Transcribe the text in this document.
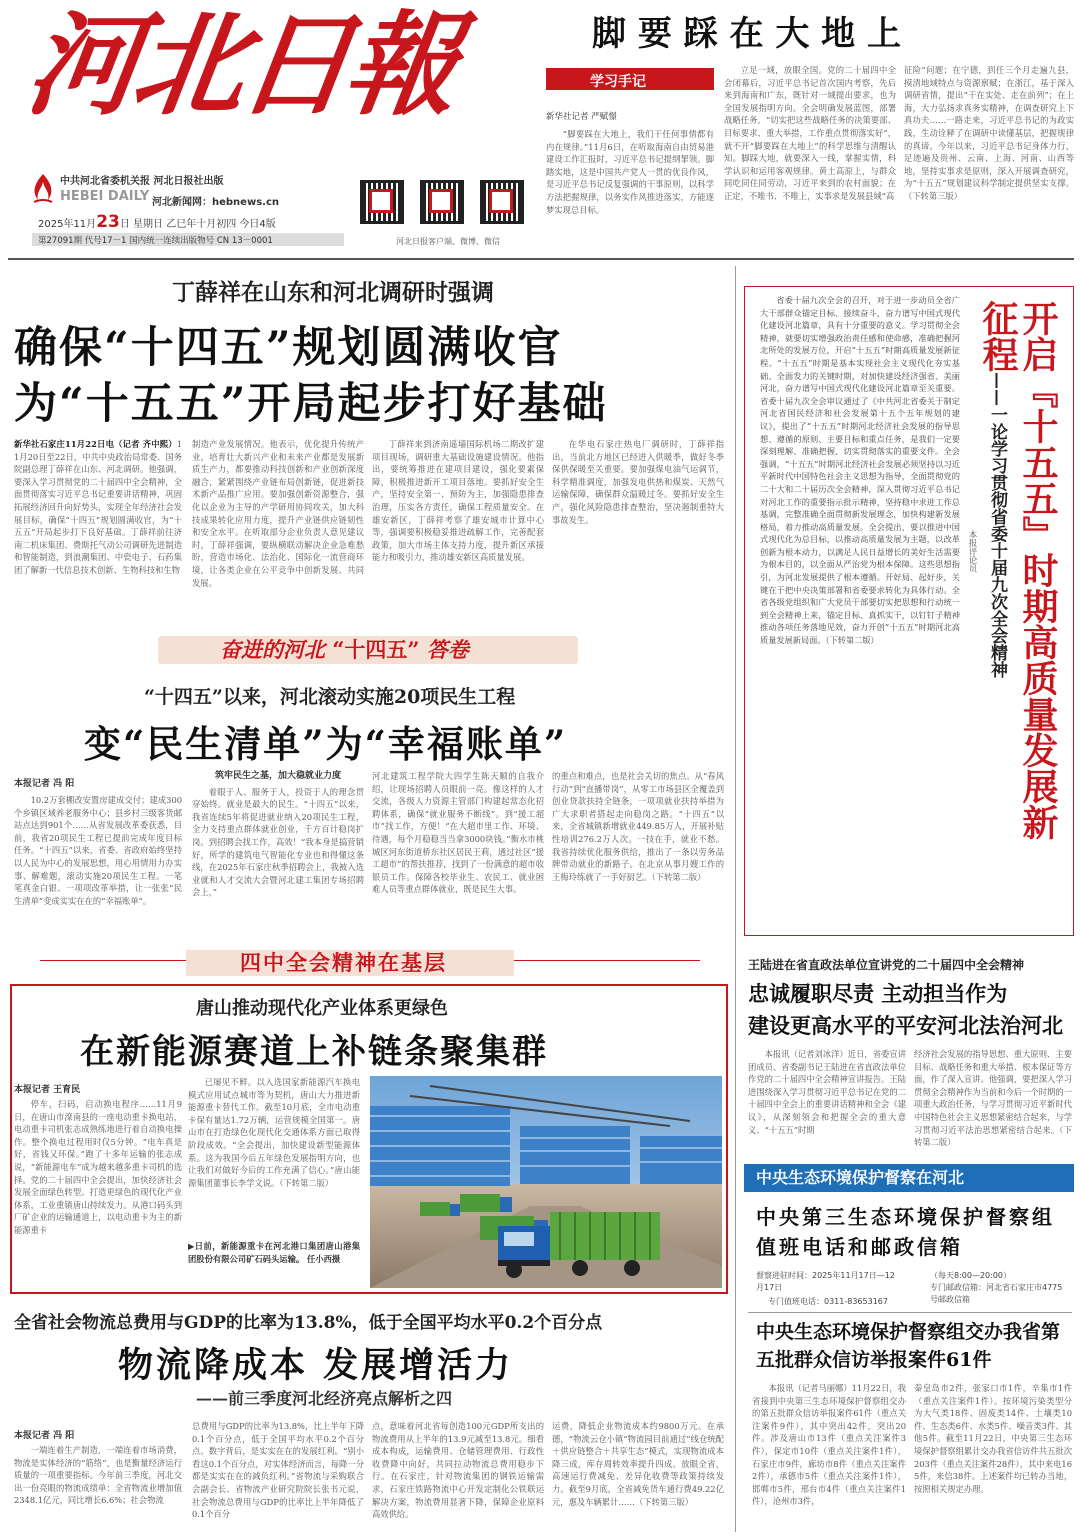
河北日報
中共河北省委机关报 河北日报社出版
HEBEI DAILY 河北新闻网：hebnews.cn
2025年11月23日 星期日 乙巳年十月初四 今日4版
第27091期 代号17－1 国内统一连续出版物号 CN 13－0001	河北日报客户端、微博、微信
脚 要 踩 在 大 地 上
学习手记
新华社记者 严赋憬
“脚要踩在大地上，我们干任何事情都有内在规律。”11月6日，在听取海南自由贸易港建设工作汇报时，习近平总书记提纲挈领。脚踏实地，这是中国共产党人一贯的优良作风，是习近平总书记反复强调的干事原则，以科学方法把握规律，以务实作风推进落实，方能逐梦实现总目标。
立足一域，放眼全国。党的二十届四中全会闭幕后，习近平总书记首次国内考察，先后来到海南和广东，既针对一域提出要求，也为全国发展指明方向。全会明确发展蓝图，部署战略任务。“切实把这些战略任务的决策要部、目标要求、重大举措，工作重点贯彻落实好”，就不开“脚要踩在大地上”的科学思维与清醒认知。脚踩大地，就要深入一线，掌握实情，科学认识和运用客观规律。黄土高原上，与群众同吃同住同劳动，习近平来到的农村面貌；在正定，不唯书、不唯上，实事求是发展县域“高
征险”问题；在宁德，到任三个月走遍九县，摸清地域特点与资源禀赋；在浙江，基于深入调研省情，提出“干在实处、走在前列”；在上海，大力弘扬求真务实精神，在调查研究上下真功夫……一路走来，习近平总书记的为政实践，生动诠释了在调研中读懂基层，把握规律的真谛。今年以来，习近平总书记身体力行，足迹遍及贵州、云南、上海、河南、山西等地，坚持实事求是原则，深入开展调查研究，为“十五五”规划建议科学制定提供坚实支撑。（下转第三版）
丁薛祥在山东和河北调研时强调
确保“十四五”规划圆满收官
为“十五五”开局起步打好基础
新华社石家庄11月22日电（记者 齐中熙）11月20日至22日，中共中央政治局常委、国务院副总理丁薛祥在山东、河北调研。他强调，要深入学习贯彻党的二十届四中全会精神，全面贯彻落实习近平总书记重要讲话精神，巩固拓展经济回升向好势头，实现全年经济社会发展目标，确保“十四五”规划圆满收官，为“十五五”开局起步打下良好基础。丁薛祥前往济南二机床集团、费斯托气动公司调研先进制造和智能制造，到浪潮集团、中瓷电子、石药集团了解新一代信息技术创新、生物科技和生物
制造产业发展情况。他表示，优化提升传统产业，培育壮大新兴产业和未来产业都是发展新质生产力，都要推动科技创新和产业创新深度融合，紧紧围绕产业链布局创新链，促进新技术新产品推广应用。要加强创新资源整合，强化以企业为主导的产学研用协同攻关，加大科技成果转化应用力度，提升产业链供应链韧性和安全水平。在听取部分企业负责人意见建议时，丁薛祥强调，要纵横联动解决企业急难愁盼，营造市场化、法治化、国际化一流营商环境，让各类企业在公平竞争中创新发展、共同发展。
丁薛祥来到济南遥墙国际机场二期改扩建项目现场，调研重大基础设施建设情况。他指出，要统筹推进在建项目建设，强化要素保障，积极推进新开工项目落地。要抓好安全生产，坚持安全第一、预防为主，加强隐患排查治理，压实各方责任，确保工程质量安全。在雄安新区，丁薛祥考察了雄安城市计算中心等，强调要积极稳妥推进疏解工作，完善配套政策，加大市场主体支持力度，提升新区承接能力和吸引力，推动雄安新区高质量发展。
在华电石家庄热电厂调研时，丁薛祥指出，当前北方地区已经进入供暖季，做好冬季保供保暖至关重要。要加强煤电油气运调节，科学精准调度，加强发电供热和煤炭、天然气运输保障，确保群众温暖过冬。要抓好安全生产，强化风险隐患排查整治，坚决遏制重特大事故发生。
奋进的河北 “十四五” 答卷
“十四五”以来，河北滚动实施20项民生工程
变“民生清单”为“幸福账单”
本报记者 冯 阳
10.2万套棚改安置房建成交付；建成300个乡镇区域养老服务中心；县乡村三级客货邮站点达到901个……从省发展改革委获悉，目前，我省20项民生工程已提前完成年度目标任务。“十四五”以来，省委、省政府始终坚持以人民为中心的发展思想，用心用情用力办实事、解难题，滚动实施20项民生工程。一笔笔真金白银、一项项改革举措，让一张张“民生清单”变成实实在在的“幸福账单”。
筑牢民生之基，加大稳就业力度
着眼于人、服务于人，投资于人的理念贯穿始终。就业是最大的民生。“十四五”以来，我省连续5年将促进就业纳入20项民生工程，全力支持重点群体就业创业，千方百计稳岗扩岗。到招聘会找工作，高效！“我本身是搞营销好，所学的建筑电气智能化专业也和得懂这条线，在2025年石家庄秋季招聘会上，我被入选业就和人才交流大会暨河北建工集团专场招聘会上，”
河北建筑工程学院大四学生陈天顺的自我介绍，让现场招聘人员眼前一亮。像这样的人才交流，各级人力资源主管部门构建起常态化招聘体系，确保“就业服务不断线”。到“援工超市”找工作，方便！“在大超市里工作、环境、待遇，每个月稳稳当当拿3000块钱。”衡水市桃城区河东街道桥东社区居民王莉，通过社区“援工超市”的帮扶推荐，找到了一份满意的超市收银员工作。保障各校毕业生、农民工、就业困难人员等重点群体就业，既是民生大事。
的重点和难点，也是社会关切的焦点。从“春风行动”到“直播带岗”，从零工市场县区全覆盖到创业贷款扶持全链条，一项项就业扶持举措为广大求职者搭起走向稳岗之路。“十四五”以来，全省城镇新增就业449.85万人，开展补贴性培训276.2万人次。一技在手，就业不愁。我省持续优化服务供给，推出了一条以劳务品牌带动就业的新路子。在北京从事月嫂工作的王梅玲练就了一手好厨艺。（下转第二版）
四中全会精神在基层
唐山推动现代化产业体系更绿色
在新能源赛道上补链条聚集群
本报记者 王育民
停车，扫码，启动换电程序……11月9日，在唐山市滦南县的一座电动重卡换电站，电动重卡司机张志成熟练地进行着自动换电操作。整个换电过程用时仅5分钟。“电车真是好，省钱又环保。”跑了十多年运输的张志成说，“新能源电车”成为越来越多重卡司机的选择。党的二十届四中全会提出，加快经济社会发展全面绿色转型。打造更绿色的现代化产业体系，工业重镇唐山持续发力。从港口码头到厂矿企业的运输通道上，以电动重卡为主的新能源重卡
已屡见不鲜。以入选国家新能源汽车换电模式应用试点城市等为契机，唐山大力推进新能源重卡替代工作。截至10月底，全市电动重卡保有量达1.72万辆，运营规模全国第一。唐山市在打造绿色化现代化交通体系方面已取得阶段成效。“全会提出，加快建设新型能源体系。这为我国今后五年绿色发展指明方向，也让我们对做好今后的工作充满了信心。”唐山能源集团董事长李学文说。（下转第二版）
▶日前，新能源重卡在河北港口集团唐山港集团股份有限公司矿石码头运输。 任小西摄
省委十届九次全会的召开，对于进一步动员全省广大干部群众锚定目标、接续奋斗，奋力谱写中国式现代化建设河北篇章，具有十分重要的意义。学习贯彻全会精神，就要切实增强政治责任感和使命感，准确把握河北所处的发展方位，开启“十五五”时期高质量发展新征程。“十五五”时期是基本实现社会主义现代化夯实基础、全面发力的关键时期，对加快建设经济强省、美丽河北，奋力谱写中国式现代化建设河北篇章至关重要。省委十届九次全会审议通过了《中共河北省委关于制定河北省国民经济和社会发展第十五个五年规划的建议》，提出了“十五五”时期河北经济社会发展的指导思想、遵循的原则、主要目标和重点任务，是我们一定要深刻理解、准确把握、切实贯彻落实的重要文件。全会强调，“十五五”时期河北经济社会发展必须坚持以习近平新时代中国特色社会主义思想为指导，全面贯彻党的二十大和二十届历次全会精神，深入贯彻习近平总书记对河北工作的重要指示批示精神，坚持稳中求进工作总基调，完整准确全面贯彻新发展理念，加快构建新发展格局，着力推动高质量发展。全会提出，要以推进中国式现代化为总目标，以推动高质量发展为主题，以改革创新为根本动力，以满足人民日益增长的美好生活需要为根本目的，以全面从严治党为根本保障。这些思想指引，为河北发展提供了根本遵循。开好局、起好步，关键在于把中央决策部署和省委要求转化为具体行动。全省各级党组织和广大党员干部要切实把思想和行动统一到全会精神上来，锚定目标、真抓实干，以钉钉子精神推动各项任务落地见效，奋力开创“十五五”时期河北高质量发展新局面。（下转第二版）	开启『十五五』时期高质量发展新征程
——一论学习贯彻省委十届九次全会精神
本报评论员
王陆进在省直政法单位宣讲党的二十届四中全会精神
忠诚履职尽责 主动担当作为
建设更高水平的平安河北法治河北
本报讯（记者刘冰洋）近日，省委宣讲团成员、省委副书记王陆进在省直政法单位作党的二十届四中全会精神宣讲报告。王陆进围绕深入学习贯彻习近平总书记在党的二十届四中全会上的重要讲话精神和全会《建议》，从深刻领会和把握全会的重大意义、“十五五”时期
经济社会发展的指导思想、重大原则、主要目标、战略任务和重大举措、根本保证等方面，作了深入宣讲。他强调，要把深入学习贯彻全会精神作为当前和今后一个时期的一项重大政治任务，与学习贯彻习近平新时代中国特色社会主义思想紧密结合起来，与学习贯彻习近平法治思想紧密结合起来。（下转第二版）
中央生态环境保护督察在河北
中央第三生态环境保护督察组值班电话和邮政信箱
督察进驻时间：2025年11月17日—12月17日
（每天8:00—20:00）
专门值班电话：0311-83653167
专门邮政信箱：河北省石家庄市4775号邮政信箱
中央生态环境保护督察组交办我省第五批群众信访举报案件61件
本报讯（记者马丽娜）11月22日，我省接到中央第三生态环境保护督察组交办的第五批群众信访举报案件61件（重点关注案件9件），其中突出42件，突出20件。涉及唐山市13件（重点关注案件3件），保定市10件（重点关注案件1件），石家庄市9件，廊坊市8件（重点关注案件2件），承德市5件（重点关注案件1件），邯郸市5件，邢台市4件（重点关注案件1件），沧州市3件，
秦皇岛市2件，张家口市1件，辛集市1件（重点关注案件1件）。按环境污染类型分为大气类18件、固废类14件、土壤类10件、生态类6件、水类5件、噪音类3件、其他5件。截至11月22日，中央第三生态环境保护督察组累计交办我省信访件共五批次203件（重点关注案件28件），其中来电165件，来信38件。上述案件均已转办当地，按照相关规定办理。
全省社会物流总费用与GDP的比率为13.8%，低于全国平均水平0.2个百分点
物流降成本 发展增活力
——前三季度河北经济亮点解析之四
本报记者 冯 阳
一端连着生产制造，一端连着市场消费，物流是实体经济的“筋络”，也是衡量经济运行质量的一项重要指标。今年前三季度，河北交出一份亮眼的物流成绩单：全省物流业增加值2348.1亿元，同比增长6.6%；社会物流
总费用与GDP的比率为13.8%，比上半年下降0.1个百分点，低于全国平均水平0.2个百分点。数字背后，是实实在在的发展红利。“别小看这0.1个百分点，对实体经济而言，每降一分都是实实在在的减负红利。”省物流与采购联合会副会长、省物流产业研究院院长张书元说，社会物流总费用与GDP的比率比上半年降低了0.1个百分
点，意味着河北省每创造100元GDP所支出的物流费用从上半年的13.9元减至13.8元。细看成本构成，运输费用、仓储管理费用、行政性收费降中向好，共同拉动物流总费用稳步下行。在石家庄，针对物流集团的钢铁运输需求，石家庄铁路物流中心开发定制化公铁联运解决方案，物流费用显著下降，保障企业原料高效供给。
运费，降低企业物流成本约9800万元。在承德，“物流云仓小镇”物流园目前通过“线仓统配＋供应链整合＋共享生态”模式，实现物流成本降三成，库存周转效率提升四成。放眼全省，高速运行费减免、差异化收费等政策持续发力。截至9月底，全省减免货车通行费49.22亿元，惠及车辆累计……（下转第三版）
